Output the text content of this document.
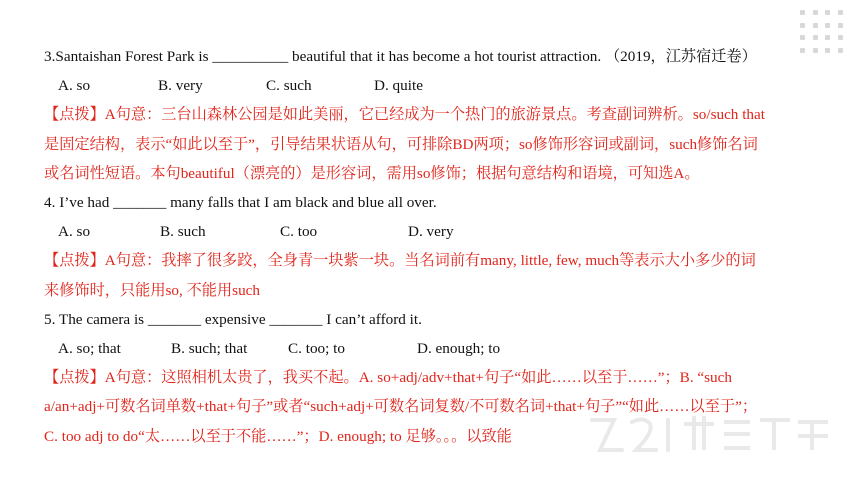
3.Santaishan Forest Park is __________ beautiful that it has become a hot tourist attraction. （2019，江苏宿迁卷）
A. so	B. very	C. such	D. quite
【点拨】A句意：三台山森林公园是如此美丽，它已经成为一个热门的旅游景点。考查副词辨析。so/such that
是固定结构，表示“如此以至于”，引导结果状语从句，可排除BD两项；so修饰形容词或副词，such修饰名词
或名词性短语。本句beautiful（漂亮的）是形容词，需用so修饰；根据句意结构和语境，可知选A。
4. I’ve had _______ many falls that I am black and blue all over.
A. so	B. such	C. too	D. very
【点拨】A句意：我摔了很多跤，全身青一块紫一块。当名词前有many, little, few, much等表示大小多少的词
来修饰时，只能用so, 不能用such
5. The camera is _______ expensive _______ I can’t afford it.
A. so; that	B. such; that	C. too; to	D. enough; to
【点拨】A句意：这照相机太贵了，我买不起。A. so+adj/adv+that+句子“如此……以至于……”；B. “such
a/an+adj+可数名词单数+that+句子”或者“such+adj+可数名词复数/不可数名词+that+句子”“如此……以至于”；
C. too adj to do“太……以至于不能……”；D. enough; to 足够。。。以致能
